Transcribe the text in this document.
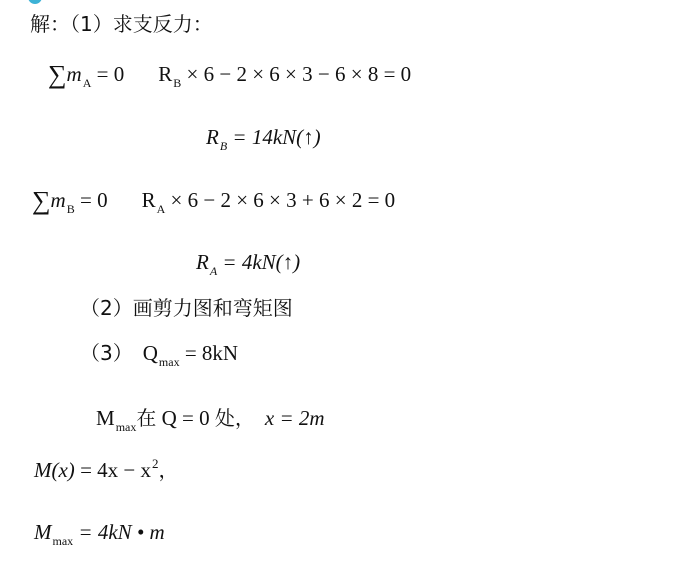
解：（1）求支反力：
$\sum m_A = 0$ $R_B \times 6 - 2 \times 6 \times 3 - 6 \times 8 = 0$
$R_B$ = 14kN(↑)
$\sum m_B = 0$ $R_A \times 6 - 2 \times 6 \times 3 + 6 \times 2 = 0$
$R_A$ = 4kN(↑)
（2）画剪力图和弯矩图
（3） $Q_{max} = 8kN$
$M_{max}$在 Q = 0 处， x = 2m
$M(x) = 4x - x^2$，
$M_{max} = 4kN$ • m
